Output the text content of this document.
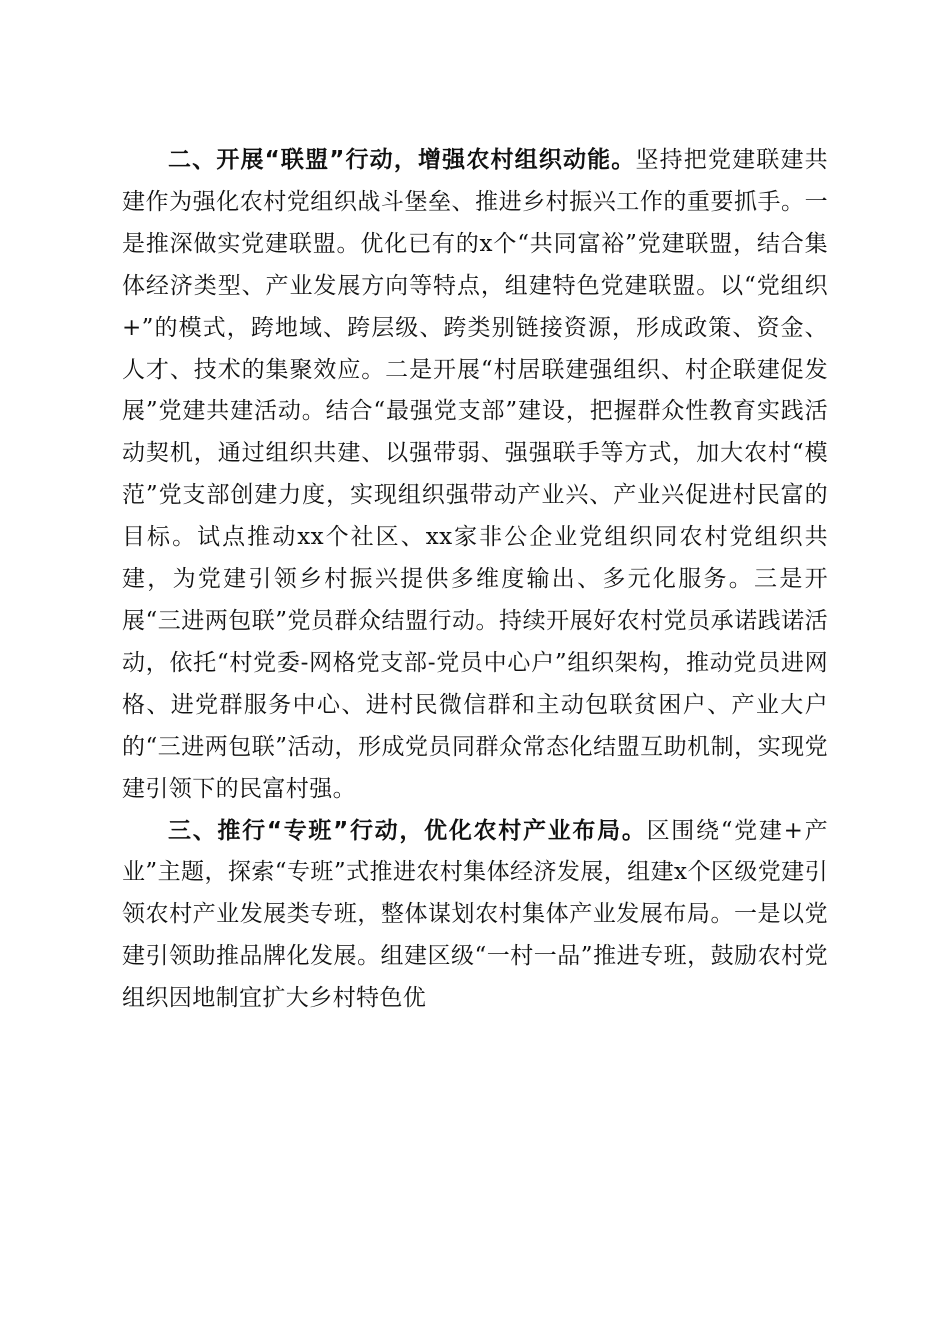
二、开展“联盟”行动，增强农村组织动能。坚持把党建联建共建作为强化农村党组织战斗堡垒、推进乡村振兴工作的重要抓手。一是推深做实党建联盟。优化已有的x个“共同富裕”党建联盟，结合集体经济类型、产业发展方向等特点，组建特色党建联盟。以“党组织+”的模式，跨地域、跨层级、跨类别链接资源，形成政策、资金、人才、技术的集聚效应。二是开展“村居联建强组织、村企联建促发展”党建共建活动。结合“最强党支部”建设，把握群众性教育实践活动契机，通过组织共建、以强带弱、强强联手等方式，加大农村“模范”党支部创建力度，实现组织强带动产业兴、产业兴促进村民富的目标。试点推动xx个社区、xx家非公企业党组织同农村党组织共建，为党建引领乡村振兴提供多维度输出、多元化服务。三是开展“三进两包联”党员群众结盟行动。持续开展好农村党员承诺践诺活动，依托“村党委-网格党支部-党员中心户”组织架构，推动党员进网格、进党群服务中心、进村民微信群和主动包联贫困户、产业大户的“三进两包联”活动，形成党员同群众常态化结盟互助机制，实现党建引领下的民富村强。

三、推行“专班”行动，优化农村产业布局。区围绕“党建+产业”主题，探索“专班”式推进农村集体经济发展，组建x个区级党建引领农村产业发展类专班，整体谋划农村集体产业发展布局。一是以党建引领助推品牌化发展。组建区级“一村一品”推进专班，鼓励农村党组织因地制宜扩大乡村特色优
